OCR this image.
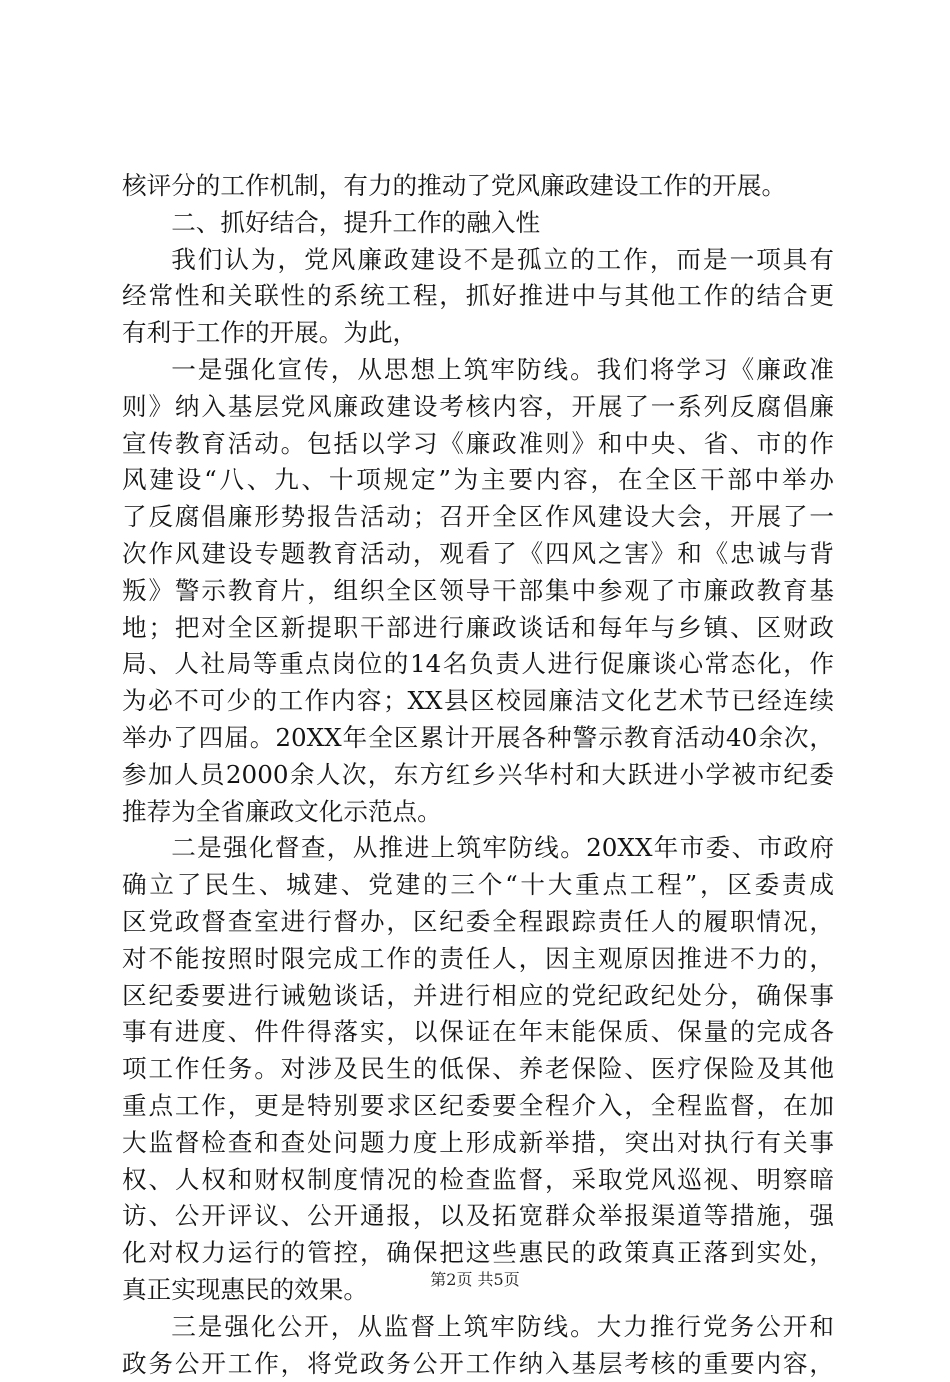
核评分的工作机制，有力的推动了党风廉政建设工作的开展。
二、抓好结合，提升工作的融入性
我们认为，党风廉政建设不是孤立的工作，而是一项具有
经常性和关联性的系统工程，抓好推进中与其他工作的结合更
有利于工作的开展。为此，
一是强化宣传，从思想上筑牢防线。我们将学习《廉政准
则》纳入基层党风廉政建设考核内容，开展了一系列反腐倡廉
宣传教育活动。包括以学习《廉政准则》和中央、省、市的作
风建设“八、九、十项规定”为主要内容，在全区干部中举办
了反腐倡廉形势报告活动；召开全区作风建设大会，开展了一
次作风建设专题教育活动，观看了《四风之害》和《忠诚与背
叛》警示教育片，组织全区领导干部集中参观了市廉政教育基
地；把对全区新提职干部进行廉政谈话和每年与乡镇、区财政
局、人社局等重点岗位的14名负责人进行促廉谈心常态化，作
为必不可少的工作内容；XX县区校园廉洁文化艺术节已经连续
举办了四届。20XX年全区累计开展各种警示教育活动40余次，
参加人员2000余人次，东方红乡兴华村和大跃进小学被市纪委
推荐为全省廉政文化示范点。
二是强化督查，从推进上筑牢防线。20XX年市委、市政府
确立了民生、城建、党建的三个“十大重点工程”，区委责成
区党政督查室进行督办，区纪委全程跟踪责任人的履职情况，
对不能按照时限完成工作的责任人，因主观原因推进不力的，
区纪委要进行诫勉谈话，并进行相应的党纪政纪处分，确保事
事有进度、件件得落实，以保证在年末能保质、保量的完成各
项工作任务。对涉及民生的低保、养老保险、医疗保险及其他
重点工作，更是特别要求区纪委要全程介入，全程监督，在加
大监督检查和查处问题力度上形成新举措，突出对执行有关事
权、人权和财权制度情况的检查监督，采取党风巡视、明察暗
访、公开评议、公开通报，以及拓宽群众举报渠道等措施，强
化对权力运行的管控，确保把这些惠民的政策真正落到实处，
真正实现惠民的效果。
三是强化公开，从监督上筑牢防线。大力推行党务公开和
政务公开工作，将党政务公开工作纳入基层考核的重要内容，
第2页 共5页
